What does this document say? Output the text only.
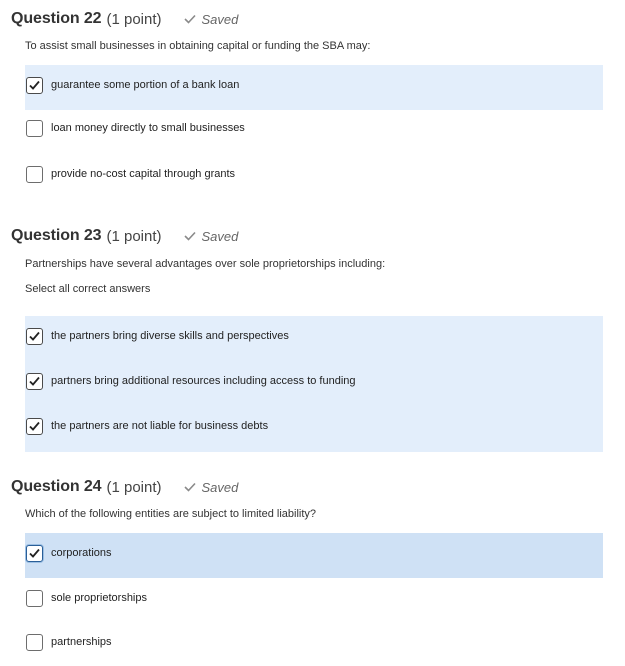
Question 22 (1 point)	Saved
To assist small businesses in obtaining capital or funding the SBA may:
guarantee some portion of a bank loan
loan money directly to small businesses
provide no-cost capital through grants
Question 23 (1 point)	Saved
Partnerships have several advantages over sole proprietorships including:
Select all correct answers
the partners bring diverse skills and perspectives
partners bring additional resources including access to funding
the partners are not liable for business debts
Question 24 (1 point)	Saved
Which of the following entities are subject to limited liability?
corporations
sole proprietorships
partnerships
